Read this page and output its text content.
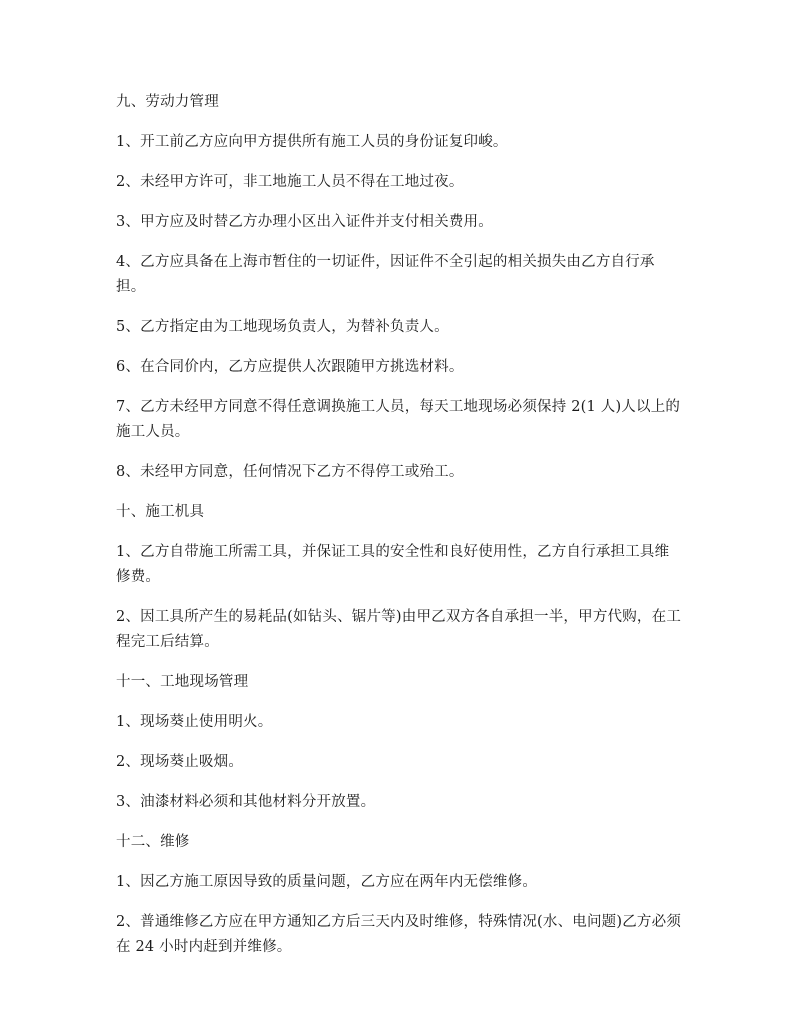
九、劳动力管理

1、开工前乙方应向甲方提供所有施工人员的身份证复印峻。

2、未经甲方许可，非工地施工人员不得在工地过夜。

3、甲方应及时替乙方办理小区出入证件并支付相关费用。

4、乙方应具备在上海市暂住的一切证件，因证件不全引起的相关损失由乙方自行承担。

5、乙方指定由为工地现场负责人，为替补负责人。

6、在合同价内，乙方应提供人次跟随甲方挑选材料。

7、乙方未经甲方同意不得任意调换施工人员，每天工地现场必须保持 2(1 人)人以上的施工人员。

8、未经甲方同意，任何情况下乙方不得停工或殆工。

十、施工机具

1、乙方自带施工所需工具，并保证工具的安全性和良好使用性，乙方自行承担工具维修费。

2、因工具所产生的易耗品(如钻头、锯片等)由甲乙双方各自承担一半，甲方代购，在工程完工后结算。

十一、工地现场管理

1、现场葵止使用明火。

2、现场葵止吸烟。

3、油漆材料必须和其他材料分开放置。

十二、维修

1、因乙方施工原因导致的质量问题，乙方应在两年内无偿维修。

2、普通维修乙方应在甲方通知乙方后三天内及时维修，特殊情况(水、电问题)乙方必须在 24 小时内赶到并维修。
